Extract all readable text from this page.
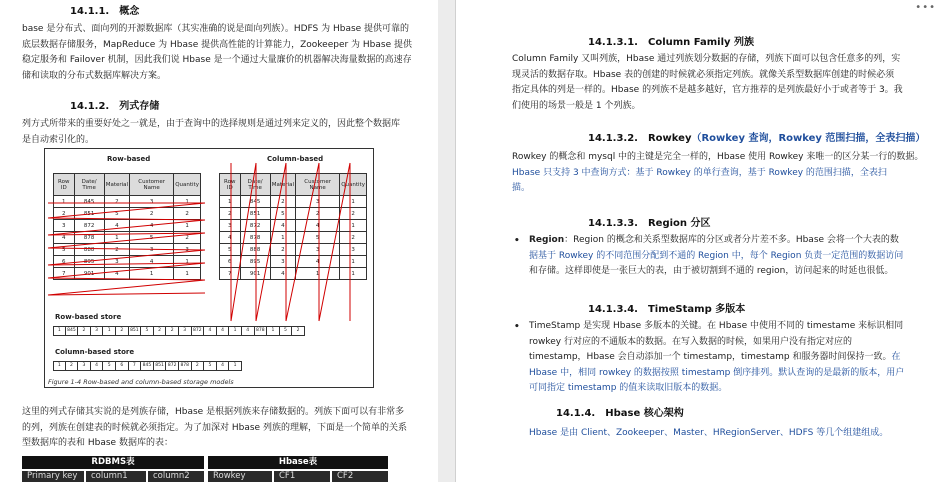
14.1.1.　概念
base 是分布式、面向列的开源数据库（其实准确的说是面向列族）。HDFS 为 Hbase 提供可靠的
底层数据存储服务，MapReduce 为 Hbase 提供高性能的计算能力，Zookeeper 为 Hbase 提供
稳定服务和 Failover 机制，因此我们说 Hbase 是一个通过大量廉价的机器解决海量数据的高速存
储和读取的分布式数据库解决方案。
14.1.2.　列式存储
列方式所带来的重要好处之一就是，由于查询中的选择规则是通过列来定义的，因此整个数据库
是自动索引化的。
Row-based	Column-based
Row ID	Date/ Time	Material	Customer Name	Quantity
1	845	2	3	1
2	851	5	2	2
3	872	4	4	1
4	878	1	5	2
5	888	2	3	3
6	895	3	4	1
7	901	4	1	1
Row ID	Date/ Time	Material	Customer Name	Quantity
1	845	2	3	1
2	851	5	2	2
3	872	4	4	1
4	878	1	5	2
5	888	2	3	3
6	895	3	4	1
7	901	4	1	1
Row-based store
1	845	2	3	1	2	851	5	2	2	3	872	4	4	1	4	878	1	5	2
Column-based store
1	2	3	4	5	6	7	845 851 872 878	2	5	4	1
Figure 1-4 Row-based and column-based storage models
这里的列式存储其实说的是列族存储，Hbase 是根据列族来存储数据的。列族下面可以有非常多
的列，列族在创建表的时候就必须指定。为了加深对 Hbase 列族的理解，下面是一个简单的关系
型数据库的表和 Hbase 数据库的表：
RDBMS表	Hbase表
Primary key	column1	column2	Rowkey	CF1	CF2
•••
14.1.3.1.　Column Family 列族
Column Family 又叫列族，Hbase 通过列族划分数据的存储，列族下面可以包含任意多的列，实
现灵活的数据存取。Hbase 表的创建的时候就必须指定列族。就像关系型数据库创建的时候必须
指定具体的列是一样的。Hbase 的列族不是越多越好，官方推荐的是列族最好小于或者等于 3。我
们使用的场景一般是 1 个列族。
14.1.3.2.　Rowkey（Rowkey 查询，Rowkey 范围扫描，全表扫描）
Rowkey 的概念和 mysql 中的主键是完全一样的，Hbase 使用 Rowkey 来唯一的区分某一行的数据。
Hbase 只支持 3 中查询方式：基于 Rowkey 的单行查询，基于 Rowkey 的范围扫描，全表扫
描。
14.1.3.3.　Region 分区
• Region：Region 的概念和关系型数据库的分区或者分片差不多。Hbase 会将一个大表的数
据基于 Rowkey 的不同范围分配到不通的 Region 中，每个 Region 负责一定范围的数据访问
和存储。这样即使是一张巨大的表，由于被切割到不通的 region，访问起来的时延也很低。
14.1.3.4.　TimeStamp 多版本
• TimeStamp 是实现 Hbase 多版本的关键。在 Hbase 中使用不同的 timestame 来标识相同
rowkey 行对应的不通版本的数据。在写入数据的时候，如果用户没有指定对应的
timestamp，Hbase 会自动添加一个 timestamp，timestamp 和服务器时间保持一致。在
Hbase 中，相同 rowkey 的数据按照 timestamp 倒序排列。默认查询的是最新的版本，用户
可同指定 timestamp 的值来读取旧版本的数据。
14.1.4.　Hbase 核心架构
Hbase 是由 Client、Zookeeper、Master、HRegionServer、HDFS 等几个组建组成。
